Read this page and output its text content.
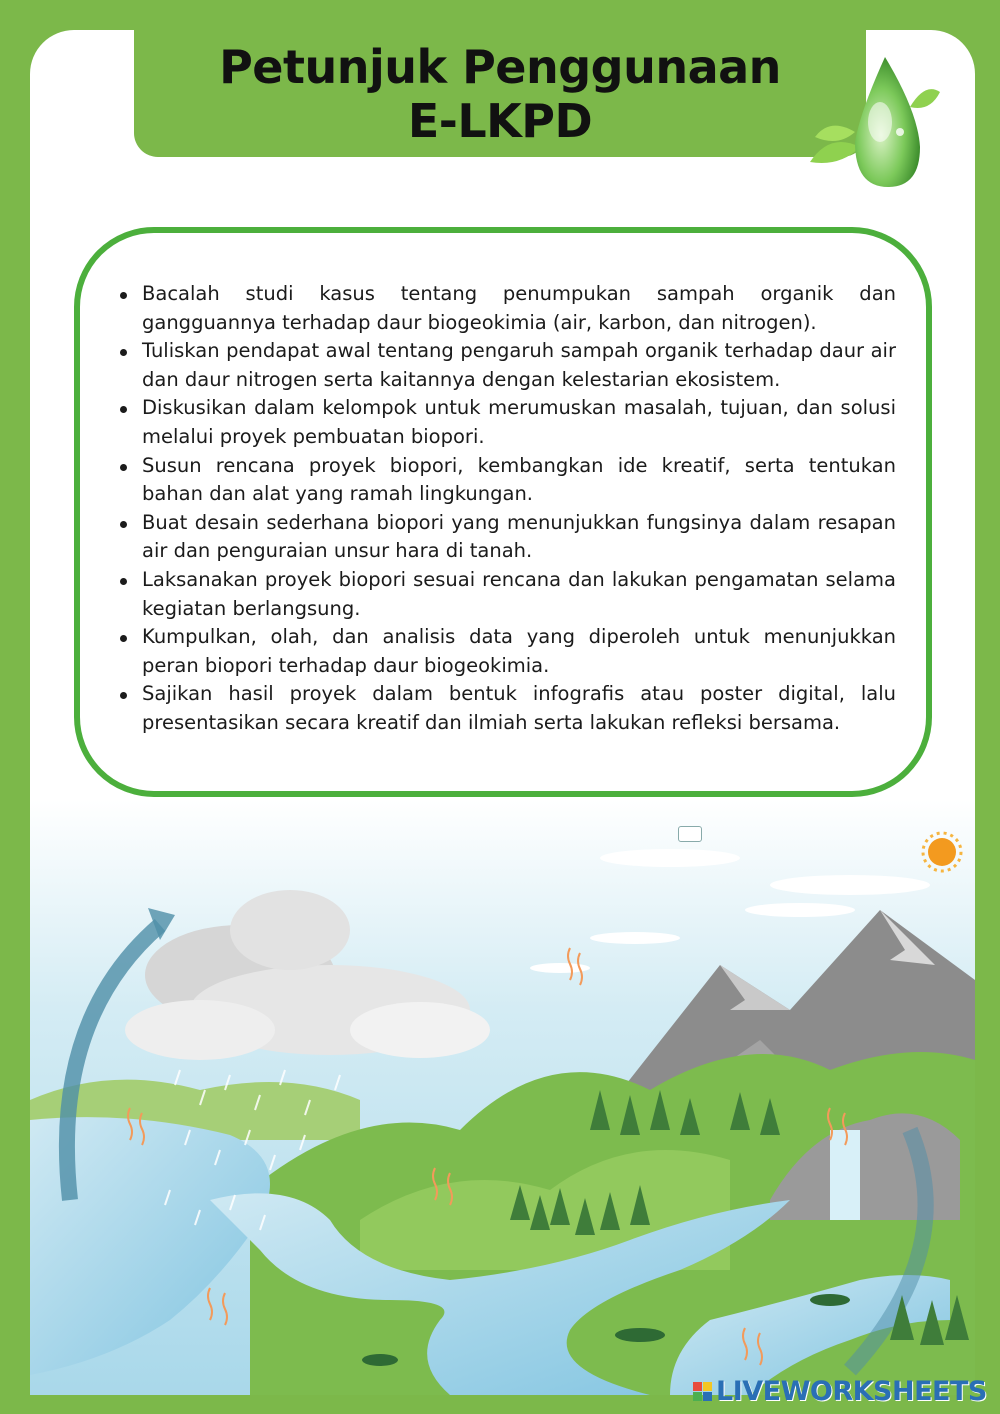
Petunjuk Penggunaan
E-LKPD
Bacalah studi kasus tentang penumpukan sampah organik dan gangguannya terhadap daur biogeokimia (air, karbon, dan nitrogen).
Tuliskan pendapat awal tentang pengaruh sampah organik terhadap daur air dan daur nitrogen serta kaitannya dengan kelestarian ekosistem.
Diskusikan dalam kelompok untuk merumuskan masalah, tujuan, dan solusi melalui proyek pembuatan biopori.
Susun rencana proyek biopori, kembangkan ide kreatif, serta tentukan bahan dan alat yang ramah lingkungan.
Buat desain sederhana biopori yang menunjukkan fungsinya dalam resapan air dan penguraian unsur hara di tanah.
Laksanakan proyek biopori sesuai rencana dan lakukan pengamatan selama kegiatan berlangsung.
Kumpulkan, olah, dan analisis data yang diperoleh untuk menunjukkan peran biopori terhadap daur biogeokimia.
Sajikan hasil proyek dalam bentuk infografis atau poster digital, lalu presentasikan secara kreatif dan ilmiah serta lakukan refleksi bersama.
LIVEWORKSHEETS
